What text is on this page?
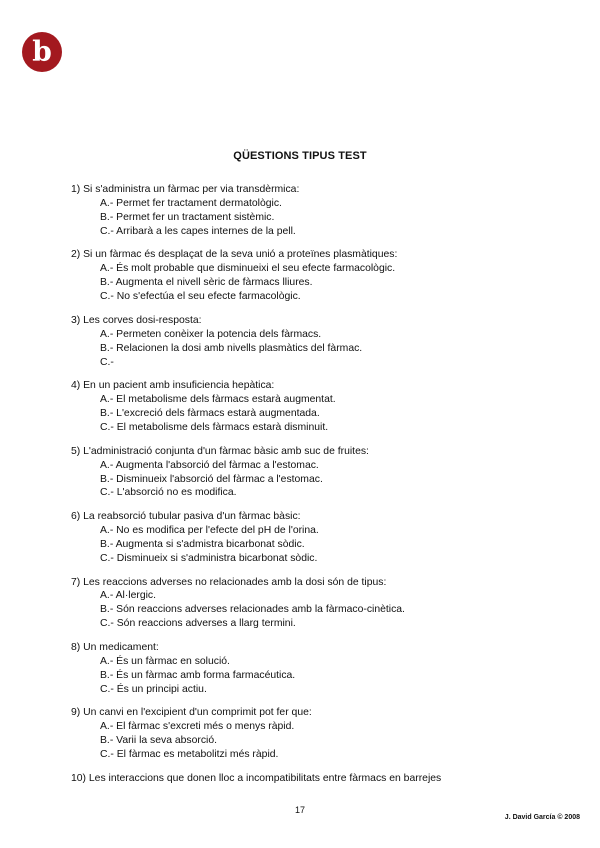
b
QÜESTIONS TIPUS TEST
1) Si s'administra un fàrmac per via transdèrmica:
A.- Permet fer tractament dermatològic.
B.- Permet fer un tractament sistèmic.
C.- Arribarà a les capes internes de la pell.
2) Si un fàrmac és desplaçat de la seva unió a proteïnes plasmàtiques:
A.- És molt probable que disminueixi el seu efecte farmacològic.
B.- Augmenta el nivell sèric de fàrmacs lliures.
C.- No s'efectúa el seu efecte farmacològic.
3) Les corves dosi-resposta:
A.- Permeten conèixer la potencia dels fàrmacs.
B.- Relacionen la dosi amb nivells plasmàtics del fàrmac.
C.-
4) En un pacient amb insuficiencia hepàtica:
A.- El metabolisme dels fàrmacs estarà augmentat.
B.- L'excreció dels fàrmacs estarà augmentada.
C.- El metabolisme dels fàrmacs estarà disminuit.
5) L'administració conjunta d'un fàrmac bàsic amb suc de fruites:
A.- Augmenta l'absorció del fàrmac a l'estomac.
B.- Disminueix l'absorció del fàrmac a l'estomac.
C.- L'absorció no es modifica.
6) La reabsorció tubular pasiva d'un fàrmac bàsic:
A.- No es modifica per l'efecte del pH de l'orina.
B.- Augmenta si s'admistra bicarbonat sòdic.
C.- Disminueix si s'administra bicarbonat sòdic.
7) Les reaccions adverses no relacionades amb la dosi són de tipus:
A.- Al·lergic.
B.- Són reaccions adverses relacionades amb la fàrmaco-cinètica.
C.- Són reaccions adverses a llarg termini.
8) Un medicament:
A.- És un fàrmac en solució.
B.- És un fàrmac amb forma farmacéutica.
C.- És un principi actiu.
9) Un canvi en l'excipient d'un comprimit pot fer que:
A.- El fàrmac s'excreti més o menys ràpid.
B.- Varii la seva absorció.
C.- El fàrmac es metabolitzi més ràpid.
10) Les interaccions que donen lloc a incompatibilitats entre fàrmacs en barrejes
17
J. David García © 2008
